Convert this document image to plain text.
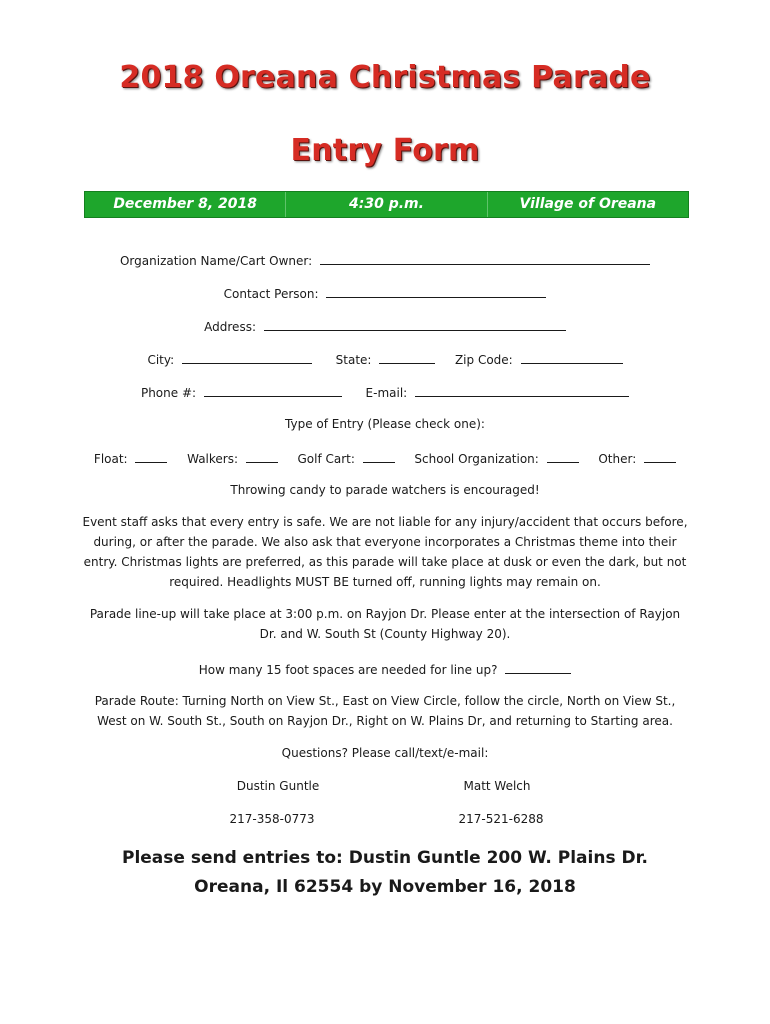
2018 Oreana Christmas Parade
Entry Form
December 8, 2018	4:30 p.m.	Village of Oreana
Organization Name/Cart Owner:
Contact Person:
Address:
City:	State:	Zip Code:
Phone #:	E-mail:
Type of Entry (Please check one):
Float:	Walkers:	Golf Cart:	School Organization:	Other:
Throwing candy to parade watchers is encouraged!
Event staff asks that every entry is safe. We are not liable for any injury/accident that occurs before, during, or after the parade. We also ask that everyone incorporates a Christmas theme into their entry. Christmas lights are preferred, as this parade will take place at dusk or even the dark, but not required. Headlights MUST BE turned off, running lights may remain on.
Parade line-up will take place at 3:00 p.m. on Rayjon Dr. Please enter at the intersection of Rayjon Dr. and W. South St (County Highway 20).
How many 15 foot spaces are needed for line up?
Parade Route: Turning North on View St., East on View Circle, follow the circle, North on View St., West on W. South St., South on Rayjon Dr., Right on W. Plains Dr, and returning to Starting area.
Questions? Please call/text/e-mail:
Dustin Guntle	Matt Welch
217-358-0773	217-521-6288
Please send entries to: Dustin Guntle 200 W. Plains Dr. Oreana, Il 62554 by November 16, 2018
